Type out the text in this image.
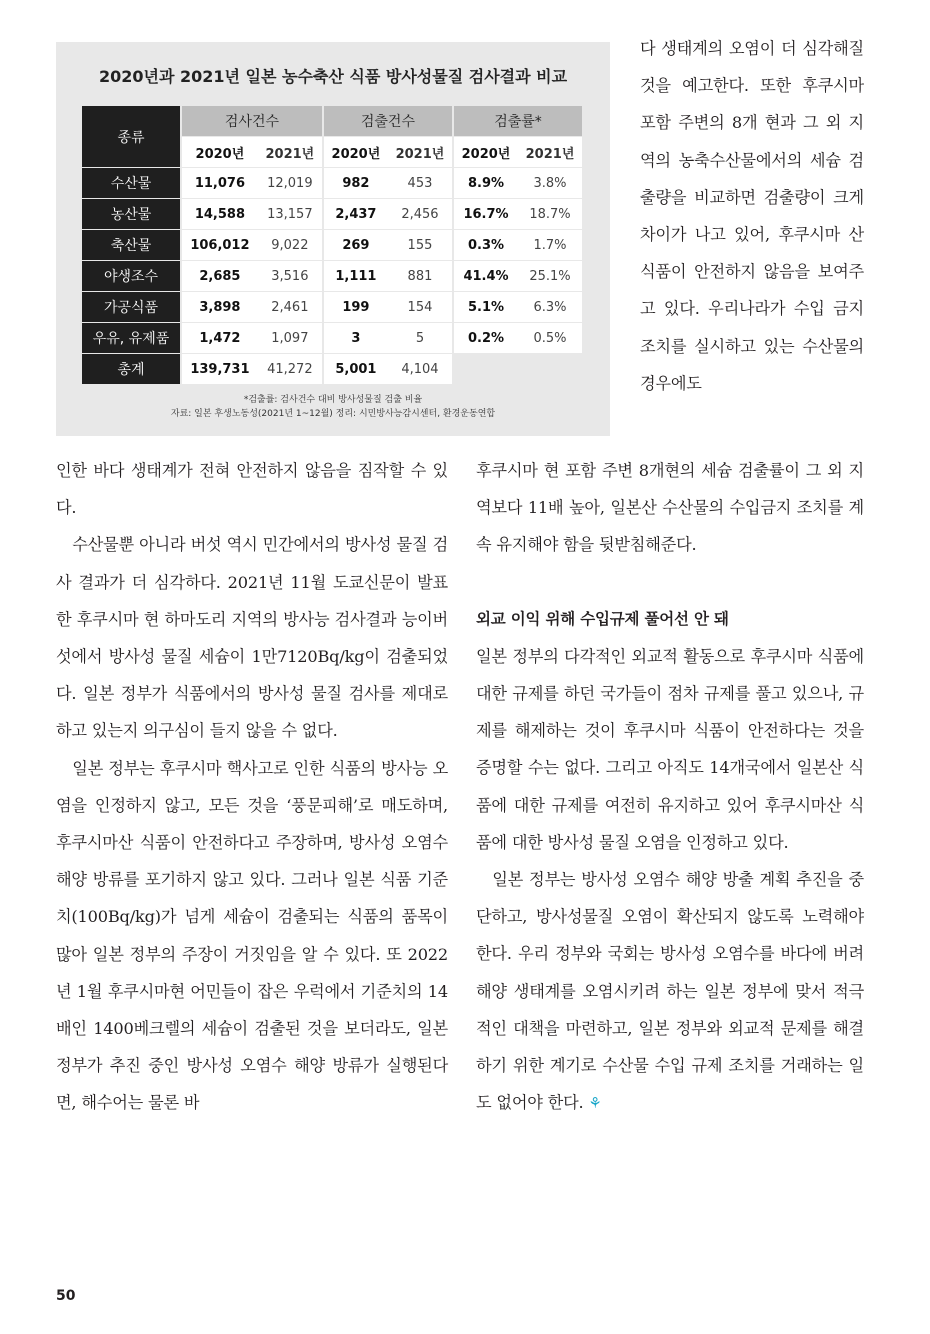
2020년과 2021년 일본 농수축산 식품 방사성물질 검사결과 비교
종류	검사건수		검출건수		검출률*	
	2020년	2021년	2020년	2021년	2020년	2021년
수산물	11,076	12,019	982	453	8.9%	3.8%
농산물	14,588	13,157	2,437	2,456	16.7%	18.7%
축산물	106,012	9,022	269	155	0.3%	1.7%
야생조수	2,685	3,516	1,111	881	41.4%	25.1%
가공식품	3,898	2,461	199	154	5.1%	6.3%
우유, 유제품	1,472	1,097	3	5	0.2%	0.5%
총계	139,731	41,272	5,001	4,104		
*검출률: 검사건수 대비 방사성물질 검출 비율
자료: 일본 후생노동성(2021년 1~12월) 정리: 시민방사능감시센터, 환경운동연합

다 생태계의 오염이 더 심각해질 것을 예고한다. 또한 후쿠시마 포함 주변의 8개 현과 그 외 지역의 농축수산물에서의 세슘 검출량을 비교하면 검출량이 크게 차이가 나고 있어, 후쿠시마 산 식품이 안전하지 않음을 보여주고 있다. 우리나라가 수입 금지 조치를 실시하고 있는 수산물의 경우에도

인한 바다 생태계가 전혀 안전하지 않음을 짐작할 수 있다.

수산물뿐 아니라 버섯 역시 민간에서의 방사성 물질 검사 결과가 더 심각하다. 2021년 11월 도쿄신문이 발표한 후쿠시마 현 하마도리 지역의 방사능 검사결과 능이버섯에서 방사성 물질 세슘이 1만7120Bq/kg이 검출되었다. 일본 정부가 식품에서의 방사성 물질 검사를 제대로 하고 있는지 의구심이 들지 않을 수 없다.

일본 정부는 후쿠시마 핵사고로 인한 식품의 방사능 오염을 인정하지 않고, 모든 것을 ‘풍문피해’로 매도하며, 후쿠시마산 식품이 안전하다고 주장하며, 방사성 오염수 해양 방류를 포기하지 않고 있다. 그러나 일본 식품 기준치(100Bq/kg)가 넘게 세슘이 검출되는 식품의 품목이 많아 일본 정부의 주장이 거짓임을 알 수 있다. 또 2022년 1월 후쿠시마현 어민들이 잡은 우럭에서 기준치의 14배인 1400베크렐의 세슘이 검출된 것을 보더라도, 일본 정부가 추진 중인 방사성 오염수 해양 방류가 실행된다면, 해수어는 물론 바

후쿠시마 현 포함 주변 8개현의 세슘 검출률이 그 외 지역보다 11배 높아, 일본산 수산물의 수입금지 조치를 계속 유지해야 함을 뒷받침해준다.

외교 이익 위해 수입규제 풀어선 안 돼

일본 정부의 다각적인 외교적 활동으로 후쿠시마 식품에 대한 규제를 하던 국가들이 점차 규제를 풀고 있으나, 규제를 해제하는 것이 후쿠시마 식품이 안전하다는 것을 증명할 수는 없다. 그리고 아직도 14개국에서 일본산 식품에 대한 규제를 여전히 유지하고 있어 후쿠시마산 식품에 대한 방사성 물질 오염을 인정하고 있다.

일본 정부는 방사성 오염수 해양 방출 계획 추진을 중단하고, 방사성물질 오염이 확산되지 않도록 노력해야 한다. 우리 정부와 국회는 방사성 오염수를 바다에 버려 해양 생태계를 오염시키려 하는 일본 정부에 맞서 적극적인 대책을 마련하고, 일본 정부와 외교적 문제를 해결하기 위한 계기로 수산물 수입 규제 조치를 거래하는 일도 없어야 한다. ⚘

50
